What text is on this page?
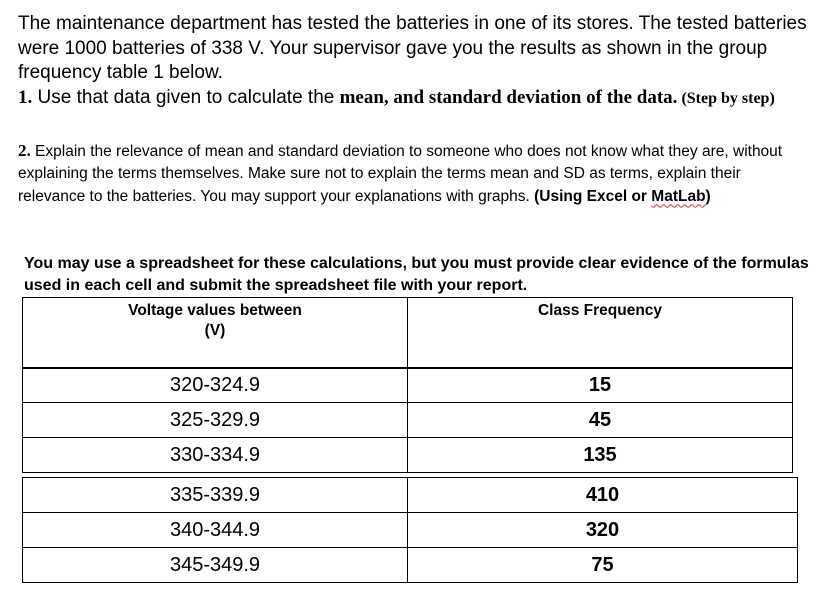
The maintenance department has tested the batteries in one of its stores. The tested batteries were 1000 batteries of 338 V. Your supervisor gave you the results as shown in the group frequency table 1 below.
1. Use that data given to calculate the mean, and standard deviation of the data. (Step by step)
2. Explain the relevance of mean and standard deviation to someone who does not know what they are, without explaining the terms themselves. Make sure not to explain the terms mean and SD as terms, explain their relevance to the batteries. You may support your explanations with graphs. (Using Excel or MatLab)
You may use a spreadsheet for these calculations, but you must provide clear evidence of the formulas used in each cell and submit the spreadsheet file with your report.
Voltage values between
(V)	Class Frequency
320-324.9	15
325-329.9	45
330-334.9	135
335-339.9	410
340-344.9	320
345-349.9	75
